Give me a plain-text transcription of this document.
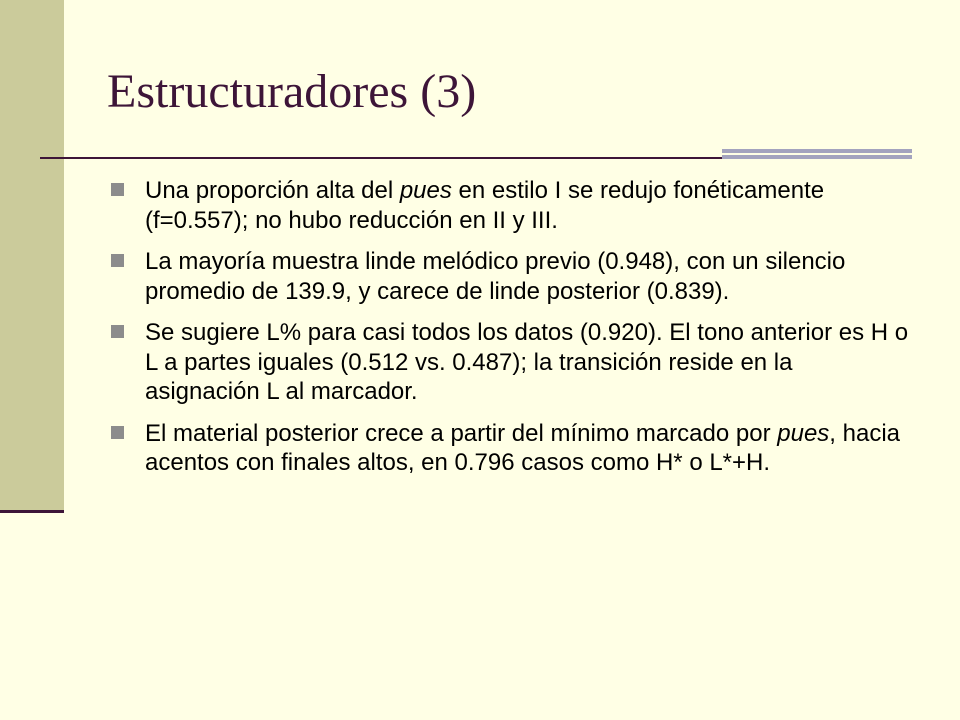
Estructuradores (3)
Una proporción alta del pues en estilo I se redujo fonéticamente (f=0.557); no hubo reducción en II y III.
La mayoría muestra linde melódico previo (0.948), con un silencio promedio de 139.9, y carece de linde posterior (0.839).
Se sugiere L% para casi todos los datos (0.920). El tono anterior es H o L a partes iguales (0.512 vs. 0.487); la transición reside en la asignación L al marcador.
El material posterior crece a partir del mínimo marcado por pues, hacia acentos con finales altos, en 0.796 casos como H* o L*+H.
